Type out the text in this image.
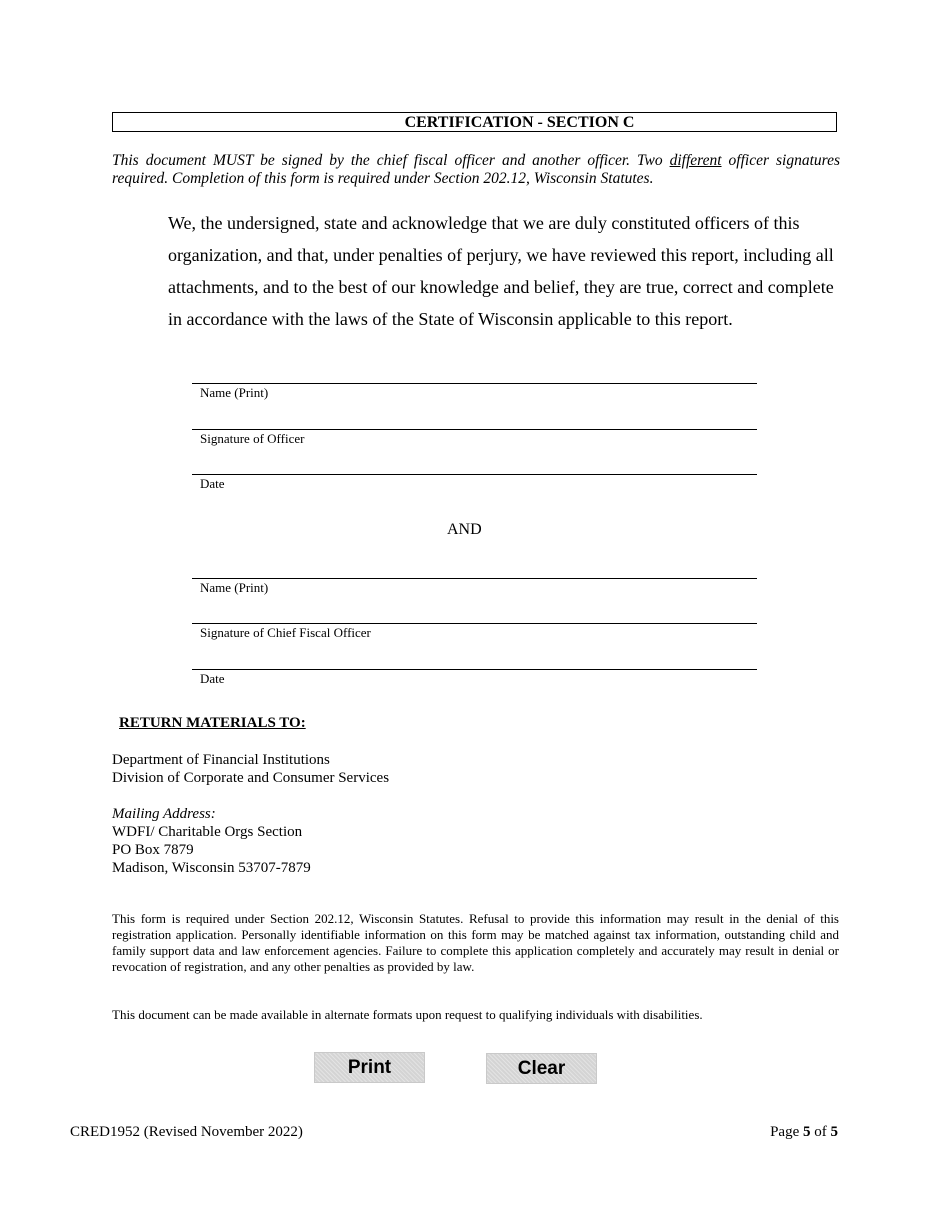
CERTIFICATION - SECTION C
This document MUST be signed by the chief fiscal officer and another officer. Two different officer signatures required. Completion of this form is required under Section 202.12, Wisconsin Statutes.
We, the undersigned, state and acknowledge that we are duly constituted officers of this organization, and that, under penalties of perjury, we have reviewed this report, including all attachments, and to the best of our knowledge and belief, they are true, correct and complete in accordance with the laws of the State of Wisconsin applicable to this report.
Name (Print)
Signature of Officer
Date
AND
Name (Print)
Signature of Chief Fiscal Officer
Date
RETURN MATERIALS TO:
Department of Financial Institutions
Division of Corporate and Consumer Services
Mailing Address:
WDFI/ Charitable Orgs Section
PO Box 7879
Madison, Wisconsin 53707-7879
This form is required under Section 202.12, Wisconsin Statutes. Refusal to provide this information may result in the denial of this registration application. Personally identifiable information on this form may be matched against tax information, outstanding child and family support data and law enforcement agencies. Failure to complete this application completely and accurately may result in denial or revocation of registration, and any other penalties as provided by law.
This document can be made available in alternate formats upon request to qualifying individuals with disabilities.
Print	Clear
CRED1952 (Revised November 2022)	Page 5 of 5
